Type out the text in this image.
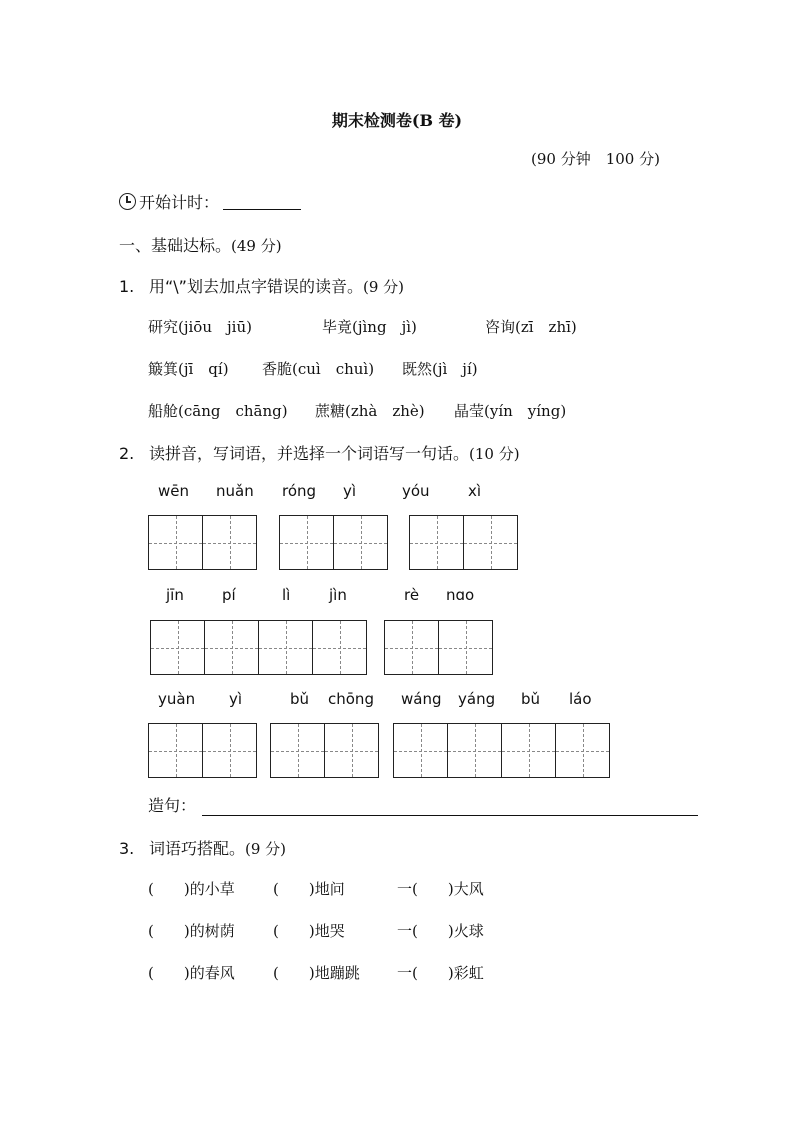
期末检测卷(B 卷)
(90 分钟　100 分)
开始计时：
一、基础达标。(49 分)
1. 用“\”划去加点字错误的读音。(9 分)
研究(jiōu　jiū)	毕竟(jìng　jì)	咨询(zī　zhī)
簸箕(jī　qí) 香脆(cuì　chuì) 既然(jì　jí)
船舱(cāng　chāng) 蔗糖(zhà　zhè) 晶莹(yín　yíng)
2. 读拼音，写词语，并选择一个词语写一句话。(10 分)
wēn nuǎn róng yì	yóu	xì
jīn	pí	lì	jìn	rè nɑo
yuàn yì	bǔ chōng wáng yáng bǔ láo
造句：
3. 词语巧搭配。(9 分)
(　　)的小草	(　　)地问	一(　　)大风
(　　)的树荫	(　　)地哭	一(　　)火球
(　　)的春风	(　　)地蹦跳 一(　　)彩虹
